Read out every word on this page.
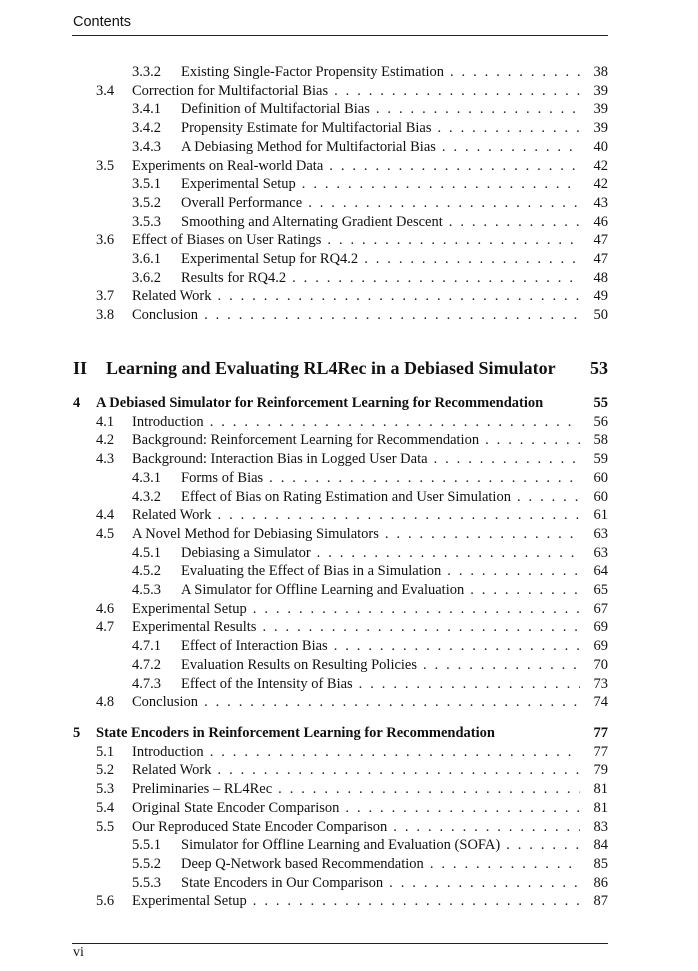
Contents
3.3.2 Existing Single-Factor Propensity Estimation . . .	38
3.4 Correction for Multifactorial Bias . . .	39
3.4.1 Definition of Multifactorial Bias . . .	39
3.4.2 Propensity Estimate for Multifactorial Bias . . .	39
3.4.3 A Debiasing Method for Multifactorial Bias . . .	40
3.5 Experiments on Real-world Data . . .	42
3.5.1 Experimental Setup . . .	42
3.5.2 Overall Performance . . .	43
3.5.3 Smoothing and Alternating Gradient Descent . . .	46
3.6 Effect of Biases on User Ratings . . .	47
3.6.1 Experimental Setup for RQ4.2 . . .	47
3.6.2 Results for RQ4.2 . . .	48
3.7 Related Work . . .	49
3.8 Conclusion . . .	50
4 A Debiased Simulator for Reinforcement Learning for Recommendation	55
4.1 Introduction . . .	56
4.2 Background: Reinforcement Learning for Recommendation . . .	58
4.3 Background: Interaction Bias in Logged User Data . . .	59
4.3.1 Forms of Bias . . .	60
4.3.2 Effect of Bias on Rating Estimation and User Simulation . . .	60
4.4 Related Work . . .	61
4.5 A Novel Method for Debiasing Simulators . . .	63
4.5.1 Debiasing a Simulator . . .	63
4.5.2 Evaluating the Effect of Bias in a Simulation . . .	64
4.5.3 A Simulator for Offline Learning and Evaluation . . .	65
4.6 Experimental Setup . . .	67
4.7 Experimental Results . . .	69
4.7.1 Effect of Interaction Bias . . .	69
4.7.2 Evaluation Results on Resulting Policies . . .	70
4.7.3 Effect of the Intensity of Bias . . .	73
4.8 Conclusion . . .	74
5 State Encoders in Reinforcement Learning for Recommendation	77
5.1 Introduction . . .	77
5.2 Related Work . . .	79
5.3 Preliminaries – RL4Rec . . .	81
5.4 Original State Encoder Comparison . . .	81
5.5 Our Reproduced State Encoder Comparison . . .	83
5.5.1 Simulator for Offline Learning and Evaluation (SOFA) . . .	84
5.5.2 Deep Q-Network based Recommendation . . .	85
5.5.3 State Encoders in Our Comparison . . .	86
5.6 Experimental Setup . . .	87
II Learning and Evaluating RL4Rec in a Debiased Simulator 53
vi
